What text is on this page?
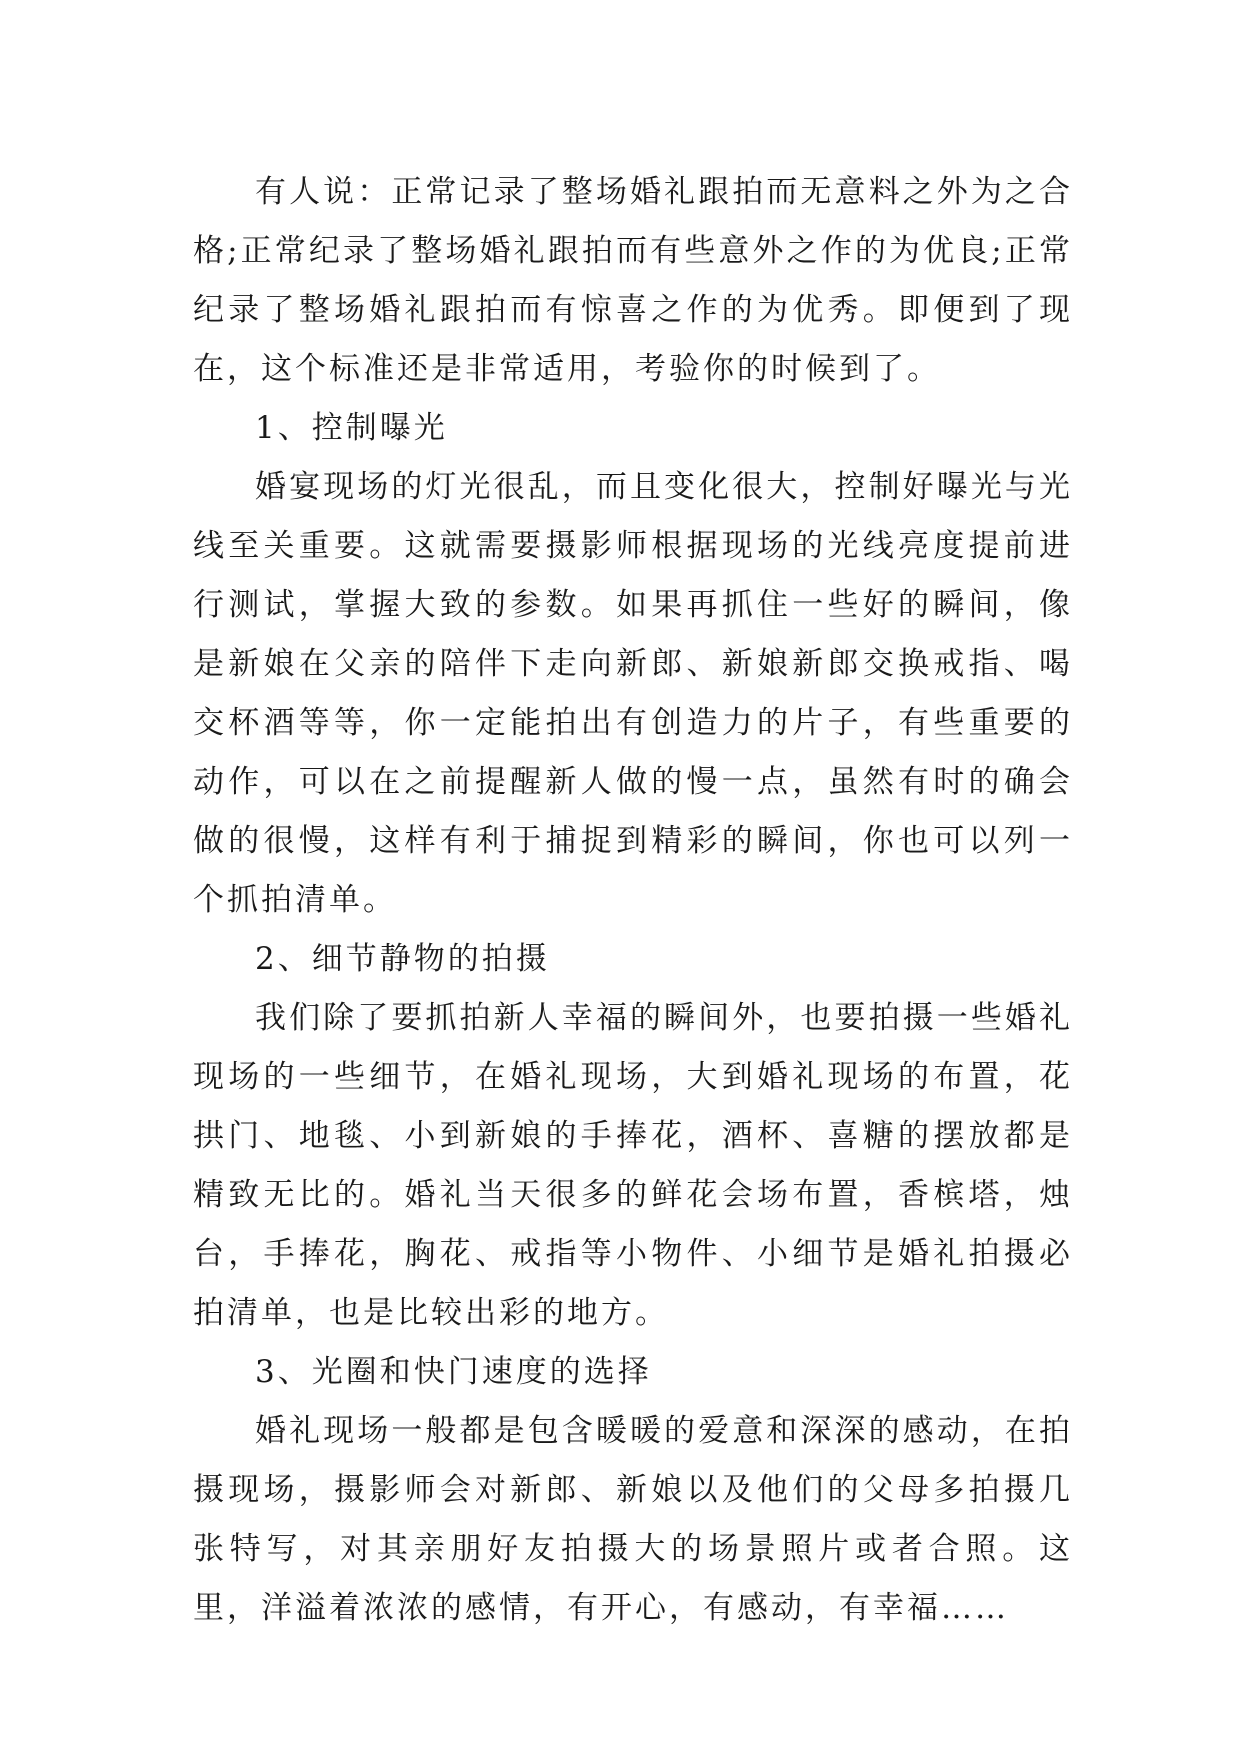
有人说：正常记录了整场婚礼跟拍而无意料之外为之合格;正常纪录了整场婚礼跟拍而有些意外之作的为优良;正常纪录了整场婚礼跟拍而有惊喜之作的为优秀。即便到了现在，这个标准还是非常适用，考验你的时候到了。

1、控制曝光

婚宴现场的灯光很乱，而且变化很大，控制好曝光与光线至关重要。这就需要摄影师根据现场的光线亮度提前进行测试，掌握大致的参数。如果再抓住一些好的瞬间，像是新娘在父亲的陪伴下走向新郎、新娘新郎交换戒指、喝交杯酒等等，你一定能拍出有创造力的片子，有些重要的动作，可以在之前提醒新人做的慢一点，虽然有时的确会做的很慢，这样有利于捕捉到精彩的瞬间，你也可以列一个抓拍清单。

2、细节静物的拍摄

我们除了要抓拍新人幸福的瞬间外，也要拍摄一些婚礼现场的一些细节，在婚礼现场，大到婚礼现场的布置，花拱门、地毯、小到新娘的手捧花，酒杯、喜糖的摆放都是精致无比的。婚礼当天很多的鲜花会场布置，香槟塔，烛台，手捧花，胸花、戒指等小物件、小细节是婚礼拍摄必拍清单，也是比较出彩的地方。

3、光圈和快门速度的选择

婚礼现场一般都是包含暖暖的爱意和深深的感动，在拍摄现场，摄影师会对新郎、新娘以及他们的父母多拍摄几张特写，对其亲朋好友拍摄大的场景照片或者合照。这里，洋溢着浓浓的感情，有开心，有感动，有幸福……
